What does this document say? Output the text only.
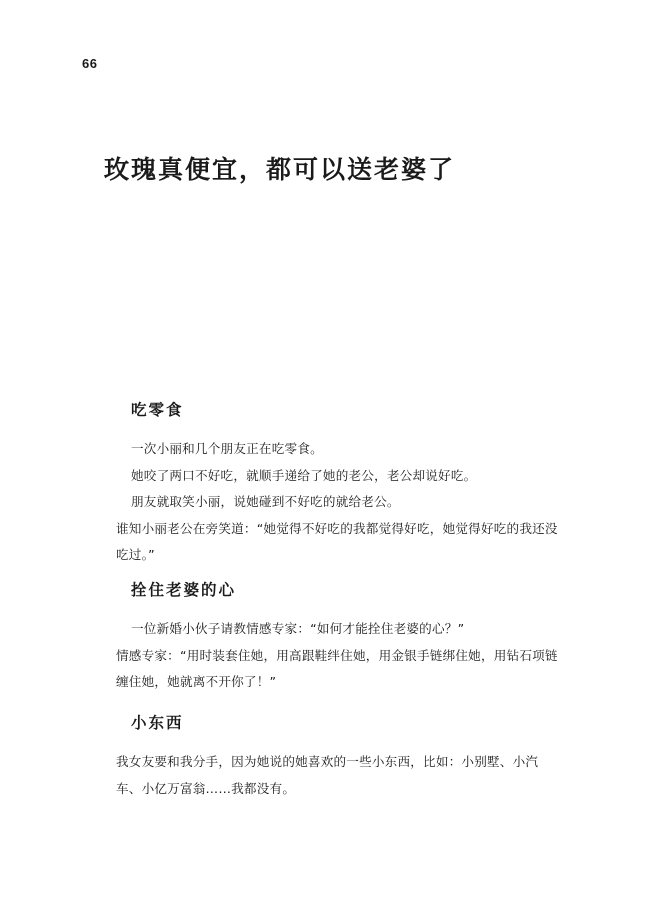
66
玫瑰真便宜，都可以送老婆了
吃零食

一次小丽和几个朋友正在吃零食。

她咬了两口不好吃，就顺手递给了她的老公，老公却说好吃。

朋友就取笑小丽，说她碰到不好吃的就给老公。

谁知小丽老公在旁笑道：“她觉得不好吃的我都觉得好吃，她觉得好吃的我还没吃过。”

拴住老婆的心

一位新婚小伙子请教情感专家：“如何才能拴住老婆的心？”

情感专家：“用时装套住她，用高跟鞋绊住她，用金银手链绑住她，用钻石项链缠住她，她就离不开你了！”

小东西

我女友要和我分手，因为她说的她喜欢的一些小东西，比如：小别墅、小汽车、小亿万富翁……我都没有。
